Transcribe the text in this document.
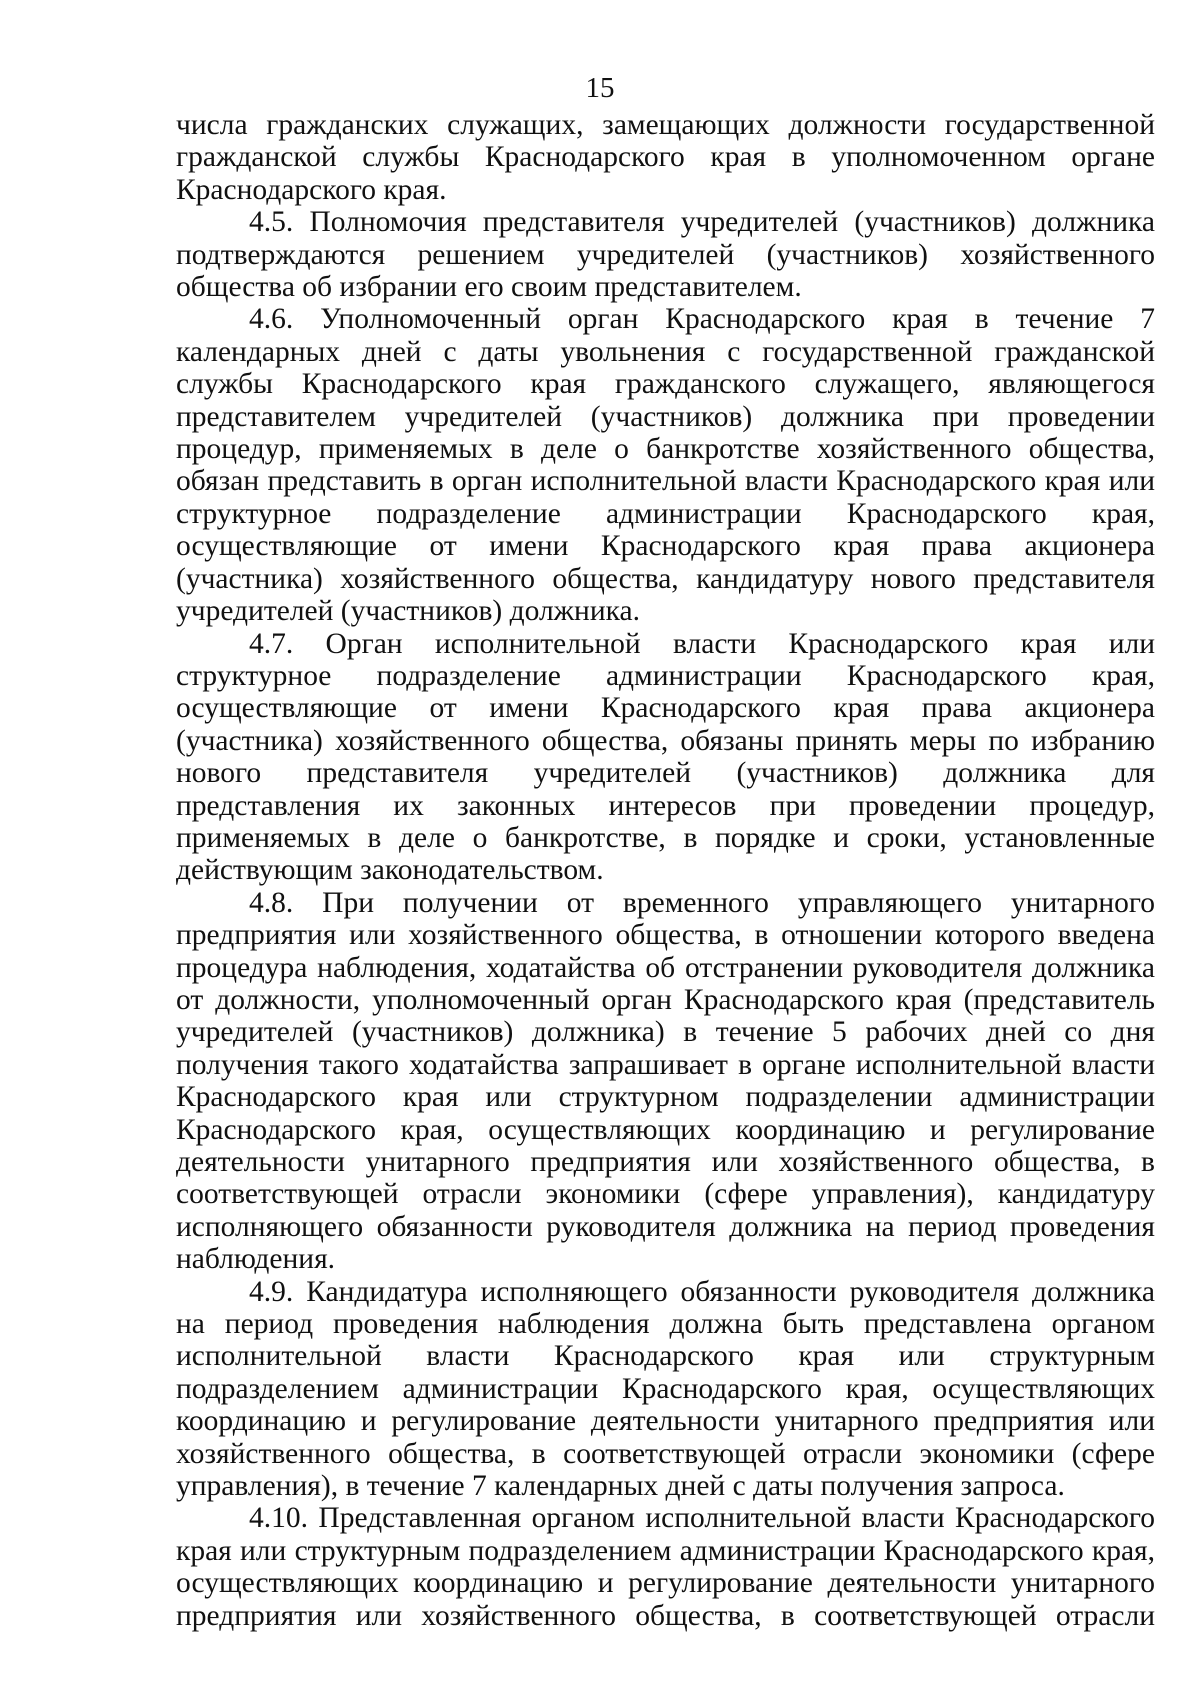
15

числа гражданских служащих, замещающих должности государственной гражданской службы Краснодарского края в уполномоченном органе Краснодарского края.

4.5. Полномочия представителя учредителей (участников) должника подтверждаются решением учредителей (участников) хозяйственного общества об избрании его своим представителем.

4.6. Уполномоченный орган Краснодарского края в течение 7 календарных дней с даты увольнения с государственной гражданской службы Краснодарского края гражданского служащего, являющегося представителем учредителей (участников) должника при проведении процедур, применяемых в деле о банкротстве хозяйственного общества, обязан представить в орган исполнительной власти Краснодарского края или структурное подразделение администрации Краснодарского края, осуществляющие от имени Краснодарского края права акционера (участника) хозяйственного общества, кандидатуру нового представителя учредителей (участников) должника.

4.7. Орган исполнительной власти Краснодарского края или структурное подразделение администрации Краснодарского края, осуществляющие от имени Краснодарского края права акционера (участника) хозяйственного общества, обязаны принять меры по избранию нового представителя учредителей (участников) должника для представления их законных интересов при проведении процедур, применяемых в деле о банкротстве, в порядке и сроки, установленные действующим законодательством.

4.8. При получении от временного управляющего унитарного предприятия или хозяйственного общества, в отношении которого введена процедура наблюдения, ходатайства об отстранении руководителя должника от должности, уполномоченный орган Краснодарского края (представитель учредителей (участников) должника) в течение 5 рабочих дней со дня получения такого ходатайства запрашивает в органе исполнительной власти Краснодарского края или структурном подразделении администрации Краснодарского края, осуществляющих координацию и регулирование деятельности унитарного предприятия или хозяйственного общества, в соответствующей отрасли экономики (сфере управления), кандидатуру исполняющего обязанности руководителя должника на период проведения наблюдения.

4.9. Кандидатура исполняющего обязанности руководителя должника на период проведения наблюдения должна быть представлена органом исполнительной власти Краснодарского края или структурным подразделением администрации Краснодарского края, осуществляющих координацию и регулирование деятельности унитарного предприятия или хозяйственного общества, в соответствующей отрасли экономики (сфере управления), в течение 7 календарных дней с даты получения запроса.

4.10. Представленная органом исполнительной власти Краснодарского края или структурным подразделением администрации Краснодарского края, осуществляющих координацию и регулирование деятельности унитарного предприятия или хозяйственного общества, в соответствующей отрасли
